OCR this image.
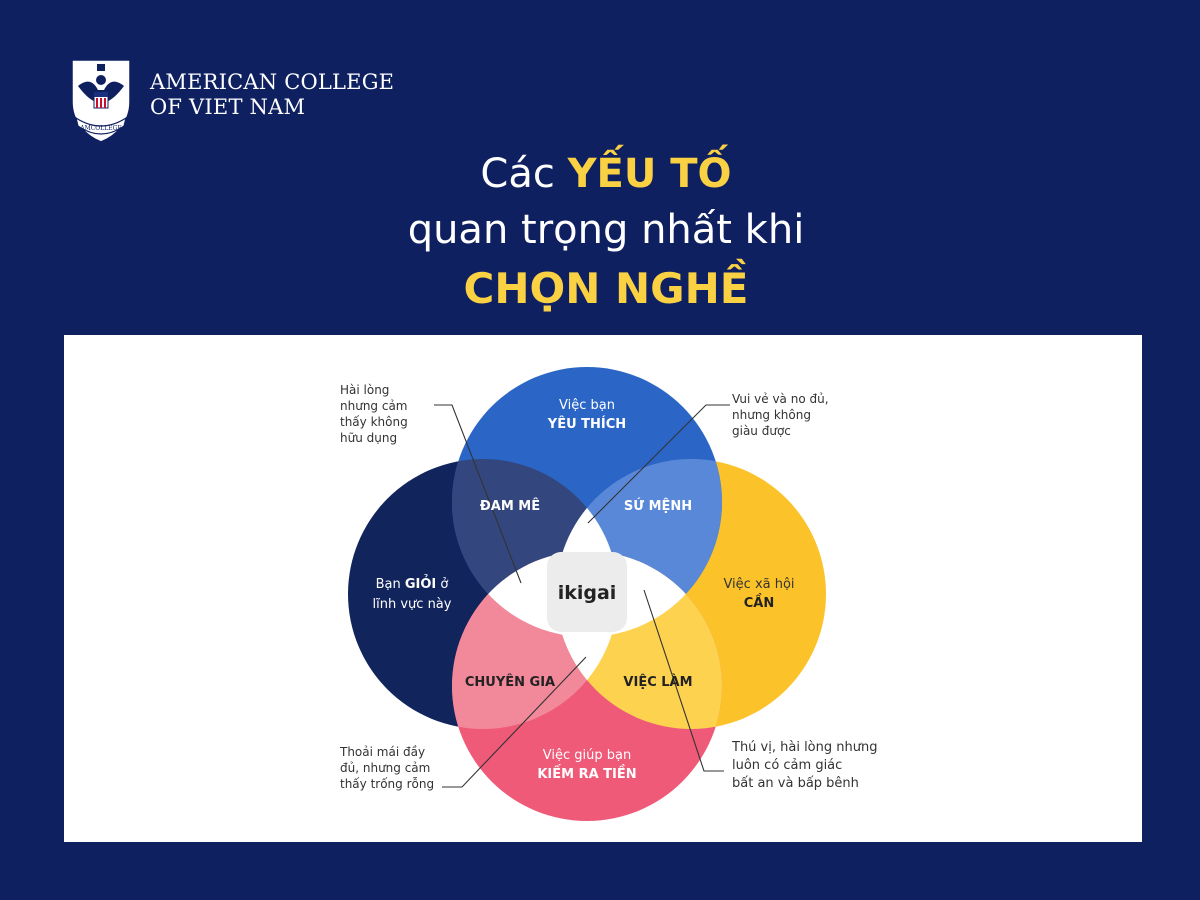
AMCOLLEGE
AMERICAN COLLEGE
OF VIET NAM
Các YẾU TỐ
quan trọng nhất khi
CHỌN NGHỀ
ikigai
Việc bạn
YÊU THÍCH
Bạn GIỎI ở
lĩnh vực này
Việc xã hội
CẦN
Việc giúp bạn
KIẾM RA TIỀN
ĐAM MÊ	SỨ MỆNH
CHUYÊN GIA	VIỆC LÀM
Hài lòng
nhưng cảm
thấy không
hữu dụng
Vui vẻ và no đủ,
nhưng không
giàu được
Thoải mái đầy
đủ, nhưng cảm
thấy trống rỗng
Thú vị, hài lòng nhưng
luôn có cảm giác
bất an và bấp bênh
